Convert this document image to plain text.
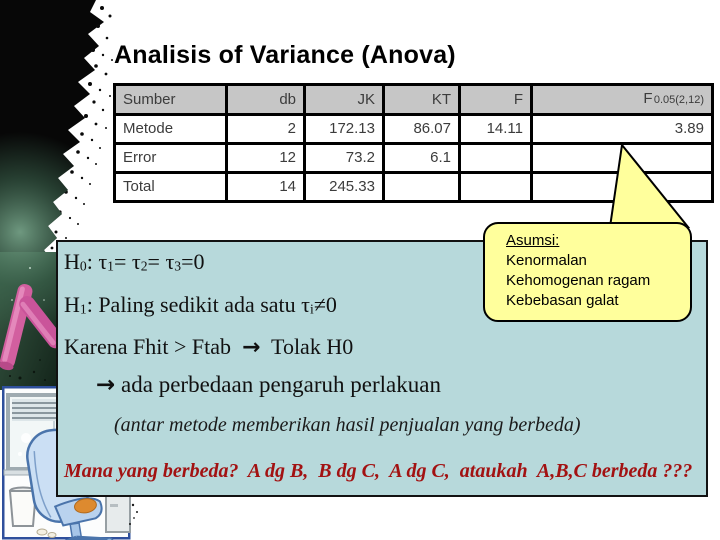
Analisis of Variance (Anova)
Sumber	db	JK	KT	F	F 0.05(2,12)
Metode	2	172.13	86.07	14.11	3.89
Error	12	73.2	6.1		
Total	14	245.33			
H0: τ1= τ2= τ3=0
H1: Paling sedikit ada satu τi≠0
Karena Fhit > Ftab  →  Tolak H0
→ ada perbedaan pengaruh perlakuan
(antar metode memberikan hasil penjualan yang berbeda)
Mana yang berbeda?  A dg B,  B dg C,  A dg C,  ataukah  A,B,C berbeda ???
Asumsi:
Kenormalan
Kehomogenan ragam
Kebebasan galat
